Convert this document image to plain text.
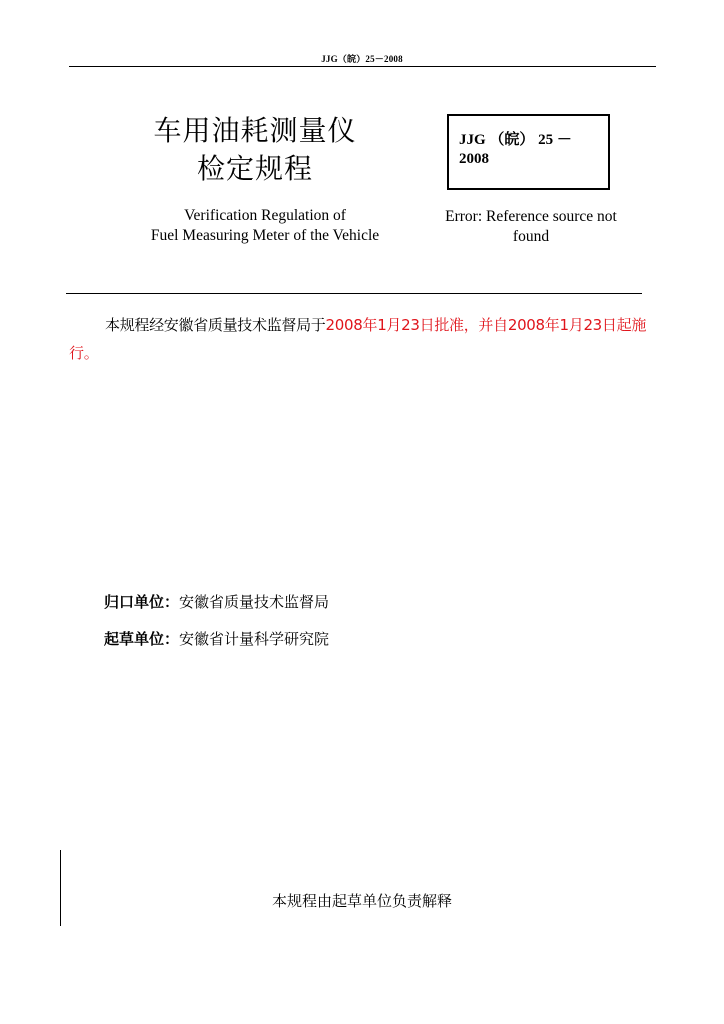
JJG（皖）25－2008
车用油耗测量仪
检定规程
JJG （皖） 25 －
2008
Verification Regulation of
Fuel Measuring Meter of the Vehicle
Error: Reference source not
found
本规程经安徽省质量技术监督局于2008年1月23日批准，并自2008年1月23日起施行。
归口单位：安徽省质量技术监督局
起草单位：安徽省计量科学研究院
本规程由起草单位负责解释
